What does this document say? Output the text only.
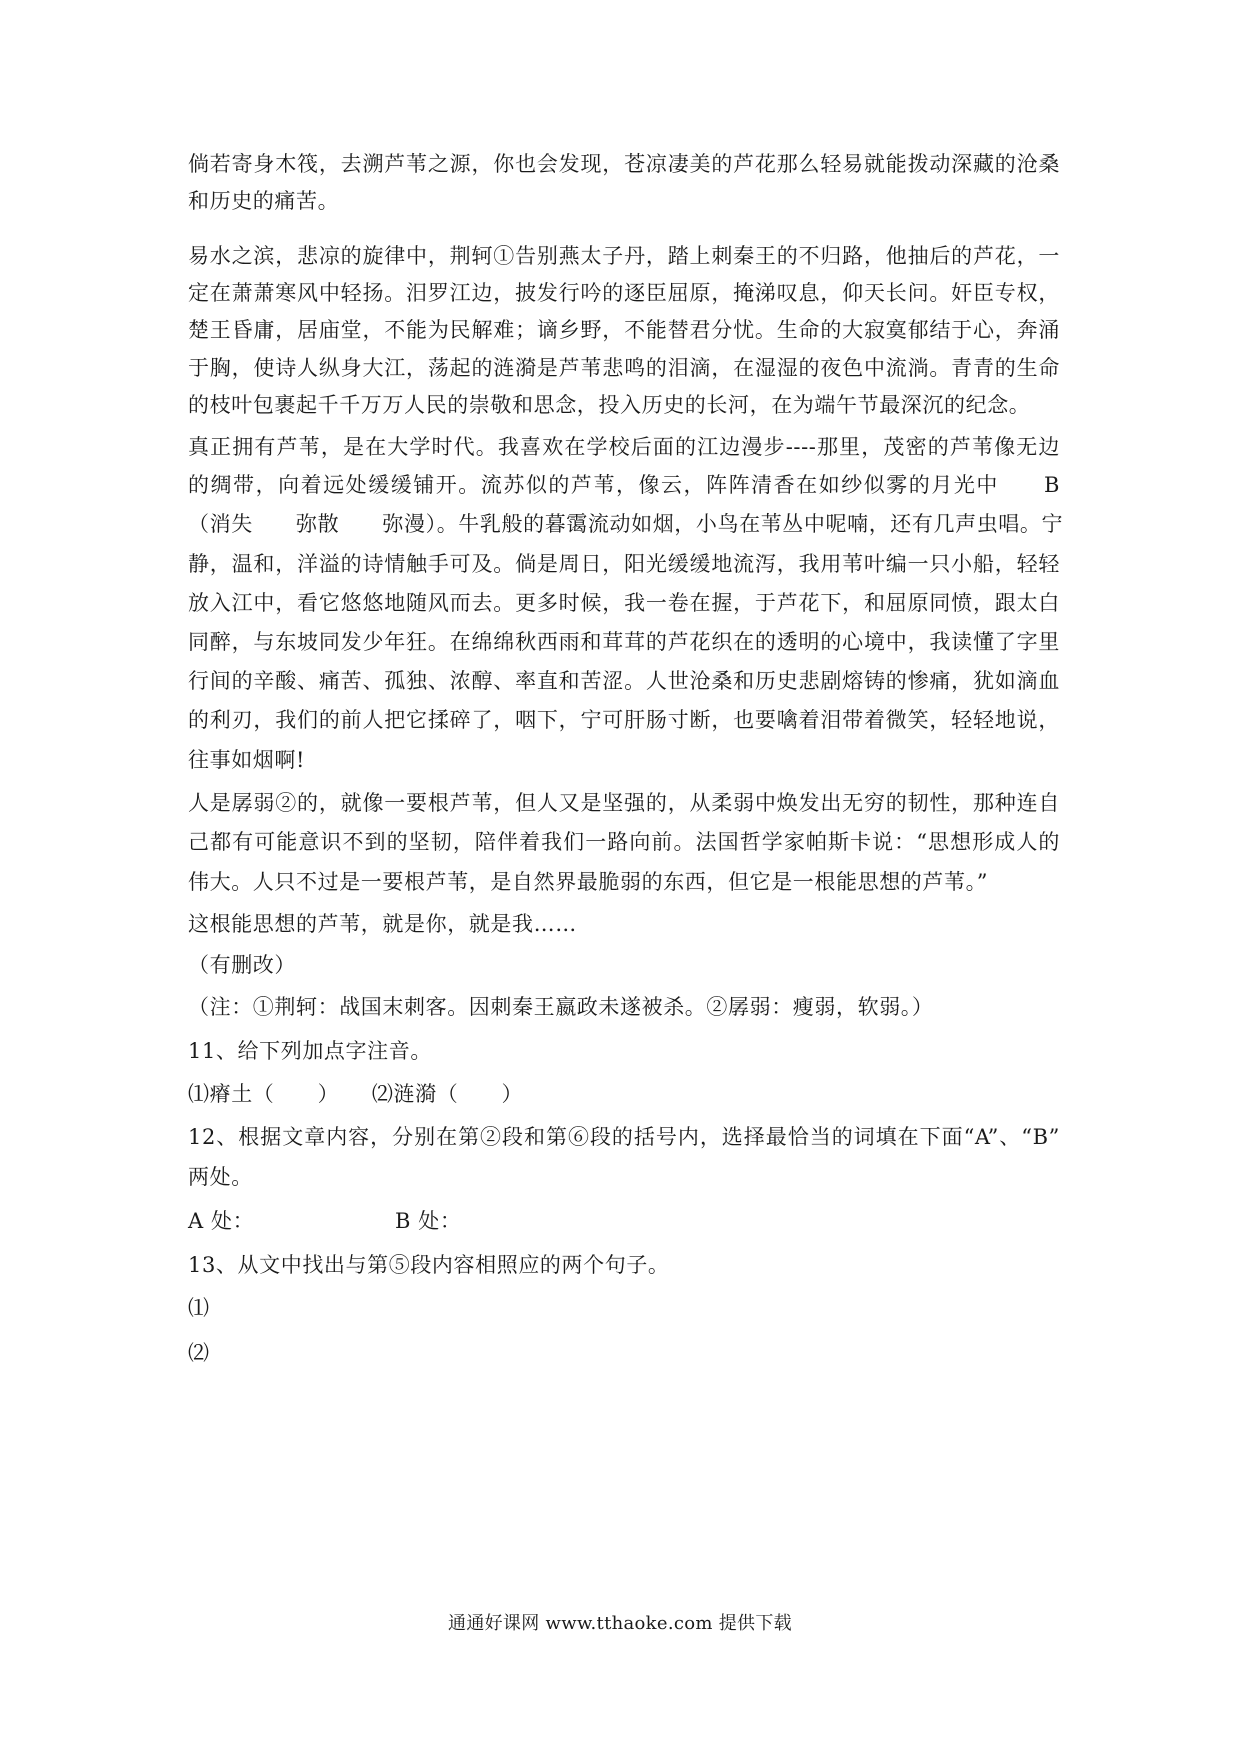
倘若寄身木筏，去溯芦苇之源，你也会发现，苍凉凄美的芦花那么轻易就能拨动深藏的沧桑
和历史的痛苦。
易水之滨，悲凉的旋律中，荆轲①告别燕太子丹，踏上刺秦王的不归路，他抽后的芦花，一
定在萧萧寒风中轻扬。汨罗江边，披发行吟的逐臣屈原，掩涕叹息，仰天长问。奸臣专权，
楚王昏庸，居庙堂，不能为民解难；谪乡野，不能替君分忧。生命的大寂寞郁结于心，奔涌
于胸，使诗人纵身大江，荡起的涟漪是芦苇悲鸣的泪滴，在湿湿的夜色中流淌。青青的生命
的枝叶包裹起千千万万人民的崇敬和思念，投入历史的长河，在为端午节最深沉的纪念。
真正拥有芦苇，是在大学时代。我喜欢在学校后面的江边漫步----那里，茂密的芦苇像无边
的绸带，向着远处缓缓铺开。流苏似的芦苇，像云，阵阵清香在如纱似雾的月光中　　B
（消失　　弥散　　弥漫）。牛乳般的暮霭流动如烟，小鸟在苇丛中呢喃，还有几声虫唱。宁
静，温和，洋溢的诗情触手可及。倘是周日，阳光缓缓地流泻，我用苇叶编一只小船，轻轻
放入江中，看它悠悠地随风而去。更多时候，我一卷在握，于芦花下，和屈原同愤，跟太白
同醉，与东坡同发少年狂。在绵绵秋西雨和茸茸的芦花织在的透明的心境中，我读懂了字里
行间的辛酸、痛苦、孤独、浓醇、率直和苦涩。人世沧桑和历史悲剧熔铸的惨痛，犹如滴血
的利刃，我们的前人把它揉碎了，咽下，宁可肝肠寸断，也要噙着泪带着微笑，轻轻地说，
往事如烟啊!
人是孱弱②的，就像一要根芦苇，但人又是坚强的，从柔弱中焕发出无穷的韧性，那种连自
己都有可能意识不到的坚韧，陪伴着我们一路向前。法国哲学家帕斯卡说：“思想形成人的
伟大。人只不过是一要根芦苇，是自然界最脆弱的东西，但它是一根能思想的芦苇。”
这根能思想的芦苇，就是你，就是我……
（有删改）
（注：①荆轲：战国末刺客。因刺秦王嬴政未遂被杀。②孱弱：瘦弱，软弱。）
11、给下列加点字注音。
⑴瘠土（　　）　　⑵涟漪（　　）
12、根据文章内容，分别在第②段和第⑥段的括号内，选择最恰当的词填在下面“A”、“B”
两处。
A 处：　　　　　　　B 处：
13、从文中找出与第⑤段内容相照应的两个句子。
⑴
⑵
通通好课网 www.tthaoke.com 提供下载
